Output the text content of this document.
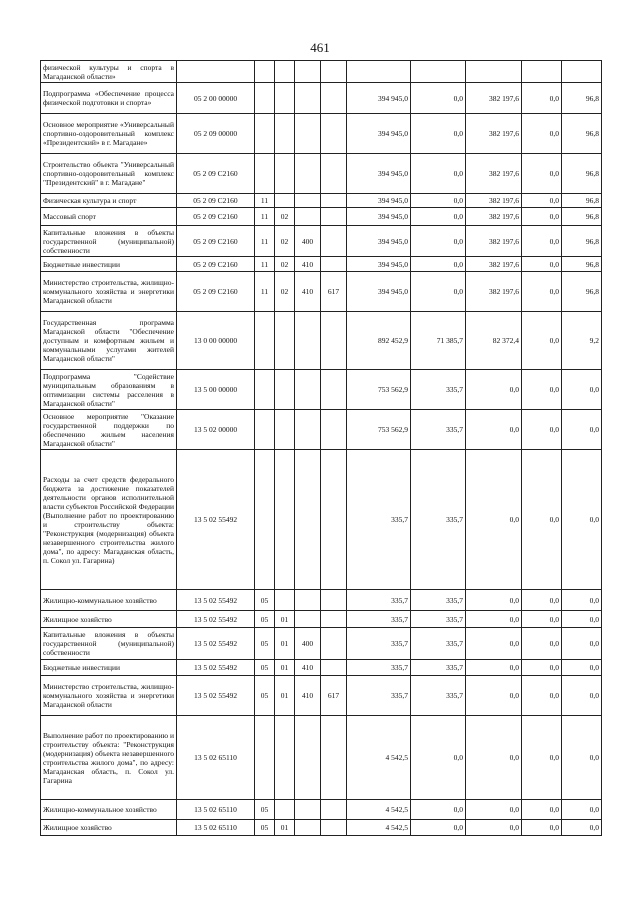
461
физической культуры и спорта в Магаданской области»										
Подпрограмма «Обеспечение процесса физической подготовки и спорта»	05 2 00 00000					394 945,0	0,0	382 197,6	0,0	96,8
Основное мероприятие «Универсальный спортивно-оздоровительный комплекс «Президентский» в г. Магадане»	05 2 09 00000					394 945,0	0,0	382 197,6	0,0	96,8
Строительство объекта "Универсальный спортивно-оздоровительный комплекс "Президентский" в г. Магадане"	05 2 09 С2160					394 945,0	0,0	382 197,6	0,0	96,8
Физическая культура и спорт	05 2 09 С2160	11				394 945,0	0,0	382 197,6	0,0	96,8
Массовый спорт	05 2 09 С2160	11	02			394 945,0	0,0	382 197,6	0,0	96,8
Капитальные вложения в объекты государственной (муниципальной) собственности	05 2 09 С2160	11	02	400		394 945,0	0,0	382 197,6	0,0	96,8
Бюджетные инвестиции	05 2 09 С2160	11	02	410		394 945,0	0,0	382 197,6	0,0	96,8
Министерство строительства, жилищно-коммунального хозяйства и энергетики Магаданской области	05 2 09 С2160	11	02	410	617	394 945,0	0,0	382 197,6	0,0	96,8
Государственная программа Магаданской области "Обеспечение доступным и комфортным жильем и коммунальными услугами жителей Магаданской области"	13 0 00 00000					892 452,9	71 385,7	82 372,4	0,0	9,2
Подпрограмма "Содействие муниципальным образованиям в оптимизации системы расселения в Магаданской области"	13 5 00 00000					753 562,9	335,7	0,0	0,0	0,0
Основное мероприятие "Оказание государственной поддержки по обеспечению жильем населения Магаданской области"	13 5 02 00000					753 562,9	335,7	0,0	0,0	0,0
Расходы за счет средств федерального бюджета за достижение показателей деятельности органов исполнительной власти субъектов Российской Федерации (Выполнение работ по проектированию и строительству объекта: "Реконструкция (модернизация) объекта незавершенного строительства жилого дома", по адресу: Магаданская область, п. Сокол ул. Гагарина)	13 5 02 55492					335,7	335,7	0,0	0,0	0,0
Жилищно-коммунальное хозяйство	13 5 02 55492	05				335,7	335,7	0,0	0,0	0,0
Жилищное хозяйство	13 5 02 55492	05	01			335,7	335,7	0,0	0,0	0,0
Капитальные вложения в объекты государственной (муниципальной) собственности	13 5 02 55492	05	01	400		335,7	335,7	0,0	0,0	0,0
Бюджетные инвестиции	13 5 02 55492	05	01	410		335,7	335,7	0,0	0,0	0,0
Министерство строительства, жилищно-коммунального хозяйства и энергетики Магаданской области	13 5 02 55492	05	01	410	617	335,7	335,7	0,0	0,0	0,0
Выполнение работ по проектированию и строительству объекта: "Реконструкция (модернизация) объекта незавершенного строительства жилого дома", по адресу: Магаданская область, п. Сокол ул. Гагарина	13 5 02 65110					4 542,5	0,0	0,0	0,0	0,0
Жилищно-коммунальное хозяйство	13 5 02 65110	05				4 542,5	0,0	0,0	0,0	0,0
Жилищное хозяйство	13 5 02 65110	05	01			4 542,5	0,0	0,0	0,0	0,0
